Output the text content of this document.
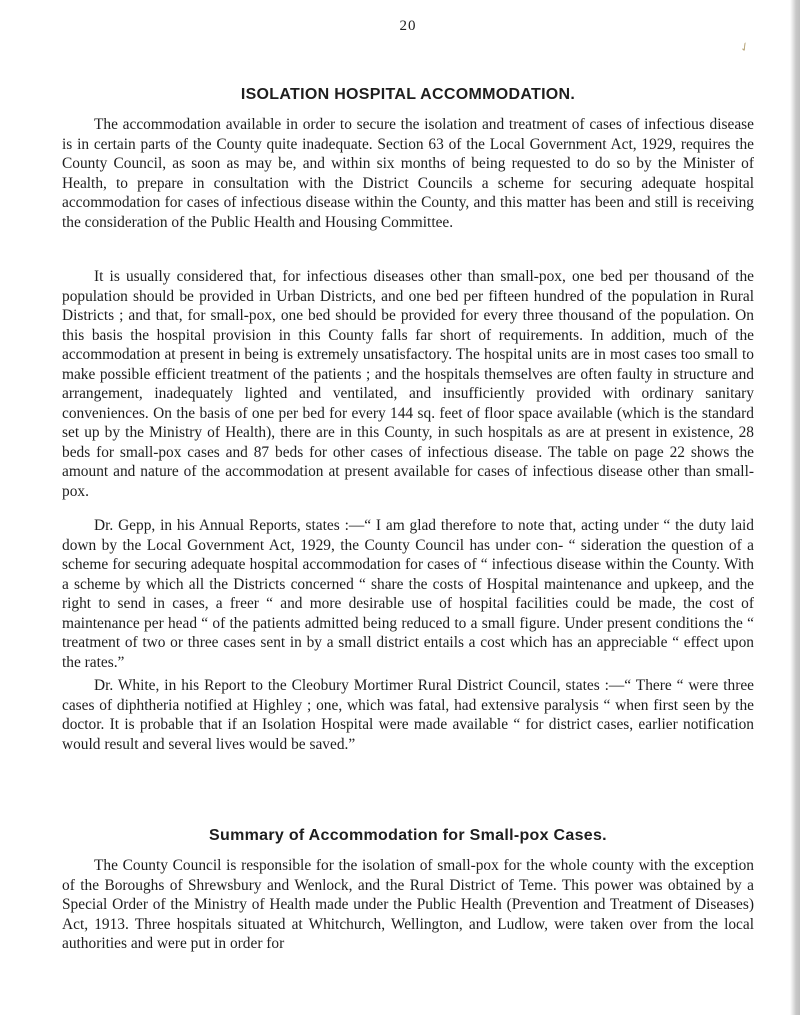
20
✓
ISOLATION HOSPITAL ACCOMMODATION.

The accommodation available in order to secure the isolation and treatment of cases of infectious disease is in certain parts of the County quite inadequate. Section 63 of the Local Government Act, 1929, requires the County Council, as soon as may be, and within six months of being requested to do so by the Minister of Health, to prepare in consultation with the District Councils a scheme for securing adequate hospital accommodation for cases of infectious disease within the County, and this matter has been and still is receiving the consideration of the Public Health and Housing Committee.

It is usually considered that, for infectious diseases other than small-pox, one bed per thousand of the population should be provided in Urban Districts, and one bed per fifteen hundred of the population in Rural Districts ; and that, for small-pox, one bed should be provided for every three thousand of the population. On this basis the hospital provision in this County falls far short of requirements. In addition, much of the accommodation at present in being is extremely unsatisfactory. The hospital units are in most cases too small to make possible efficient treatment of the patients ; and the hospitals themselves are often faulty in structure and arrangement, inadequately lighted and ventilated, and insufficiently provided with ordinary sanitary conveniences. On the basis of one per bed for every 144 sq. feet of floor space available (which is the standard set up by the Ministry of Health), there are in this County, in such hospitals as are at present in existence, 28 beds for small-pox cases and 87 beds for other cases of infectious disease. The table on page 22 shows the amount and nature of the accommodation at present available for cases of infectious disease other than small-pox.

Dr. Gepp, in his Annual Reports, states :—“ I am glad therefore to note that, acting under “ the duty laid down by the Local Government Act, 1929, the County Council has under con- “ sideration the question of a scheme for securing adequate hospital accommodation for cases of “ infectious disease within the County. With a scheme by which all the Districts concerned “ share the costs of Hospital maintenance and upkeep, and the right to send in cases, a freer “ and more desirable use of hospital facilities could be made, the cost of maintenance per head “ of the patients admitted being reduced to a small figure. Under present conditions the “ treatment of two or three cases sent in by a small district entails a cost which has an appreciable “ effect upon the rates.”

Dr. White, in his Report to the Cleobury Mortimer Rural District Council, states :—“ There “ were three cases of diphtheria notified at Highley ; one, which was fatal, had extensive paralysis “ when first seen by the doctor. It is probable that if an Isolation Hospital were made available “ for district cases, earlier notification would result and several lives would be saved.”

Summary of Accommodation for Small-pox Cases.

The County Council is responsible for the isolation of small-pox for the whole county with the exception of the Boroughs of Shrewsbury and Wenlock, and the Rural District of Teme. This power was obtained by a Special Order of the Ministry of Health made under the Public Health (Prevention and Treatment of Diseases) Act, 1913. Three hospitals situated at Whitchurch, Wellington, and Ludlow, were taken over from the local authorities and were put in order for
